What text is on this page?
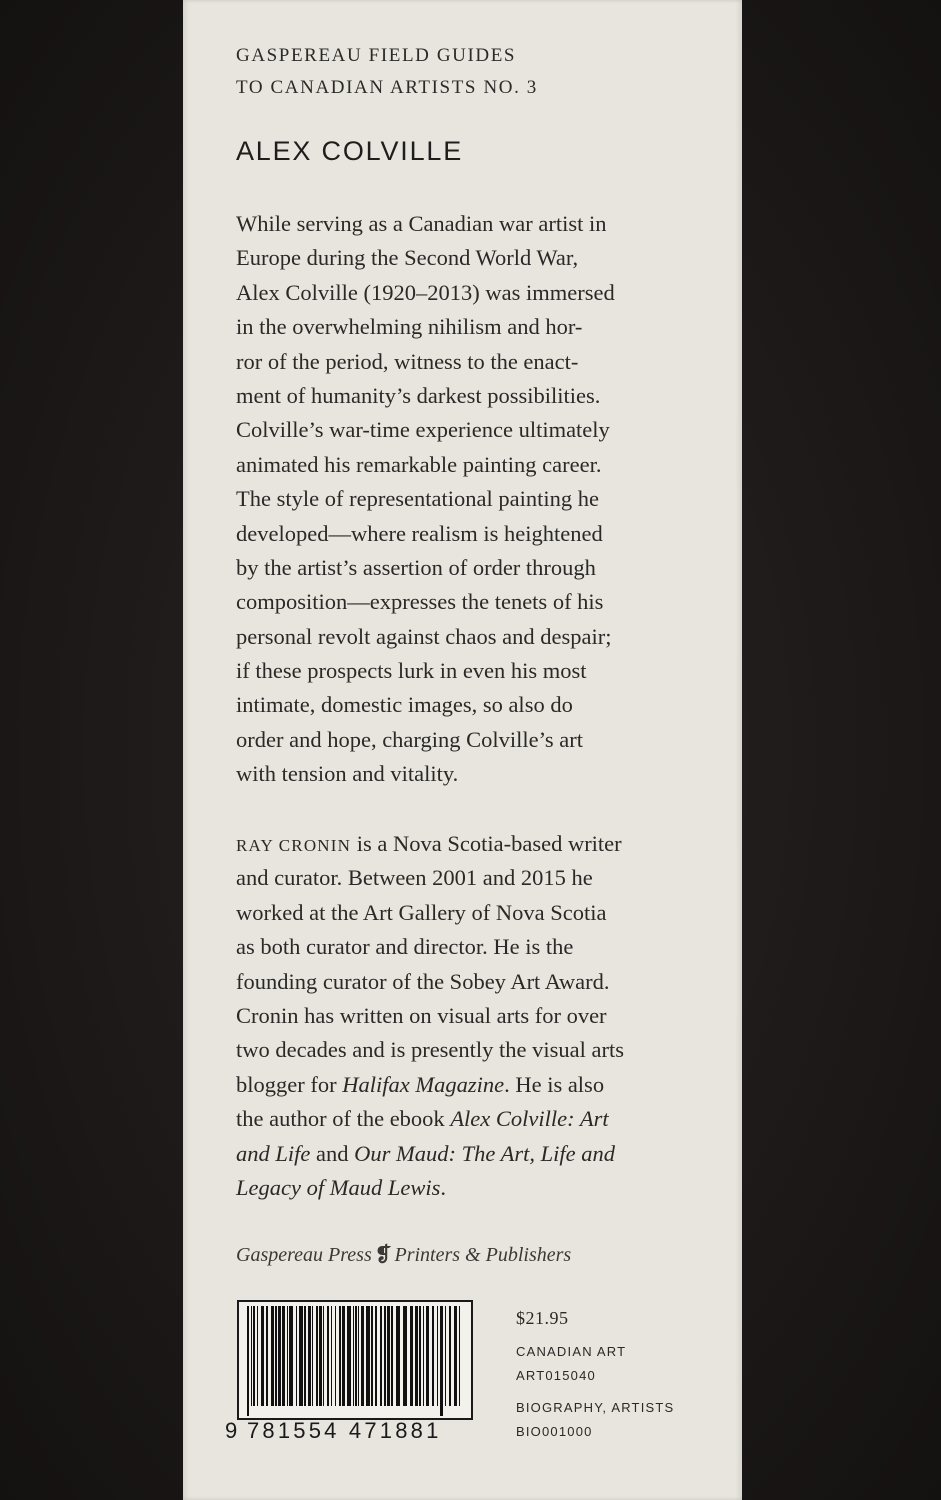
GASPEREAU FIELD GUIDES
TO CANADIAN ARTISTS NO. 3
ALEX COLVILLE
While serving as a Canadian war artist in
Europe during the Second World War,
Alex Colville (1920–2013) was immersed
in the overwhelming nihilism and hor-
ror of the period, witness to the enact-
ment of humanity’s darkest possibilities.
Colville’s war-time experience ultimately
animated his remarkable painting career.
The style of representational painting he
developed—where realism is heightened
by the artist’s assertion of order through
composition—expresses the tenets of his
personal revolt against chaos and despair;
if these prospects lurk in even his most
intimate, domestic images, so also do
order and hope, charging Colville’s art
with tension and vitality.
RAY CRONIN is a Nova Scotia-based writer
and curator. Between 2001 and 2015 he
worked at the Art Gallery of Nova Scotia
as both curator and director. He is the
founding curator of the Sobey Art Award.
Cronin has written on visual arts for over
two decades and is presently the visual arts
blogger for Halifax Magazine. He is also
the author of the ebook Alex Colville: Art
and Life and Our Maud: The Art, Life and
Legacy of Maud Lewis.
Gaspereau Press ❡ Printers & Publishers
9 781554 471881
$21.95
CANADIAN ART
ART015040
BIOGRAPHY, ARTISTS
BIO001000
